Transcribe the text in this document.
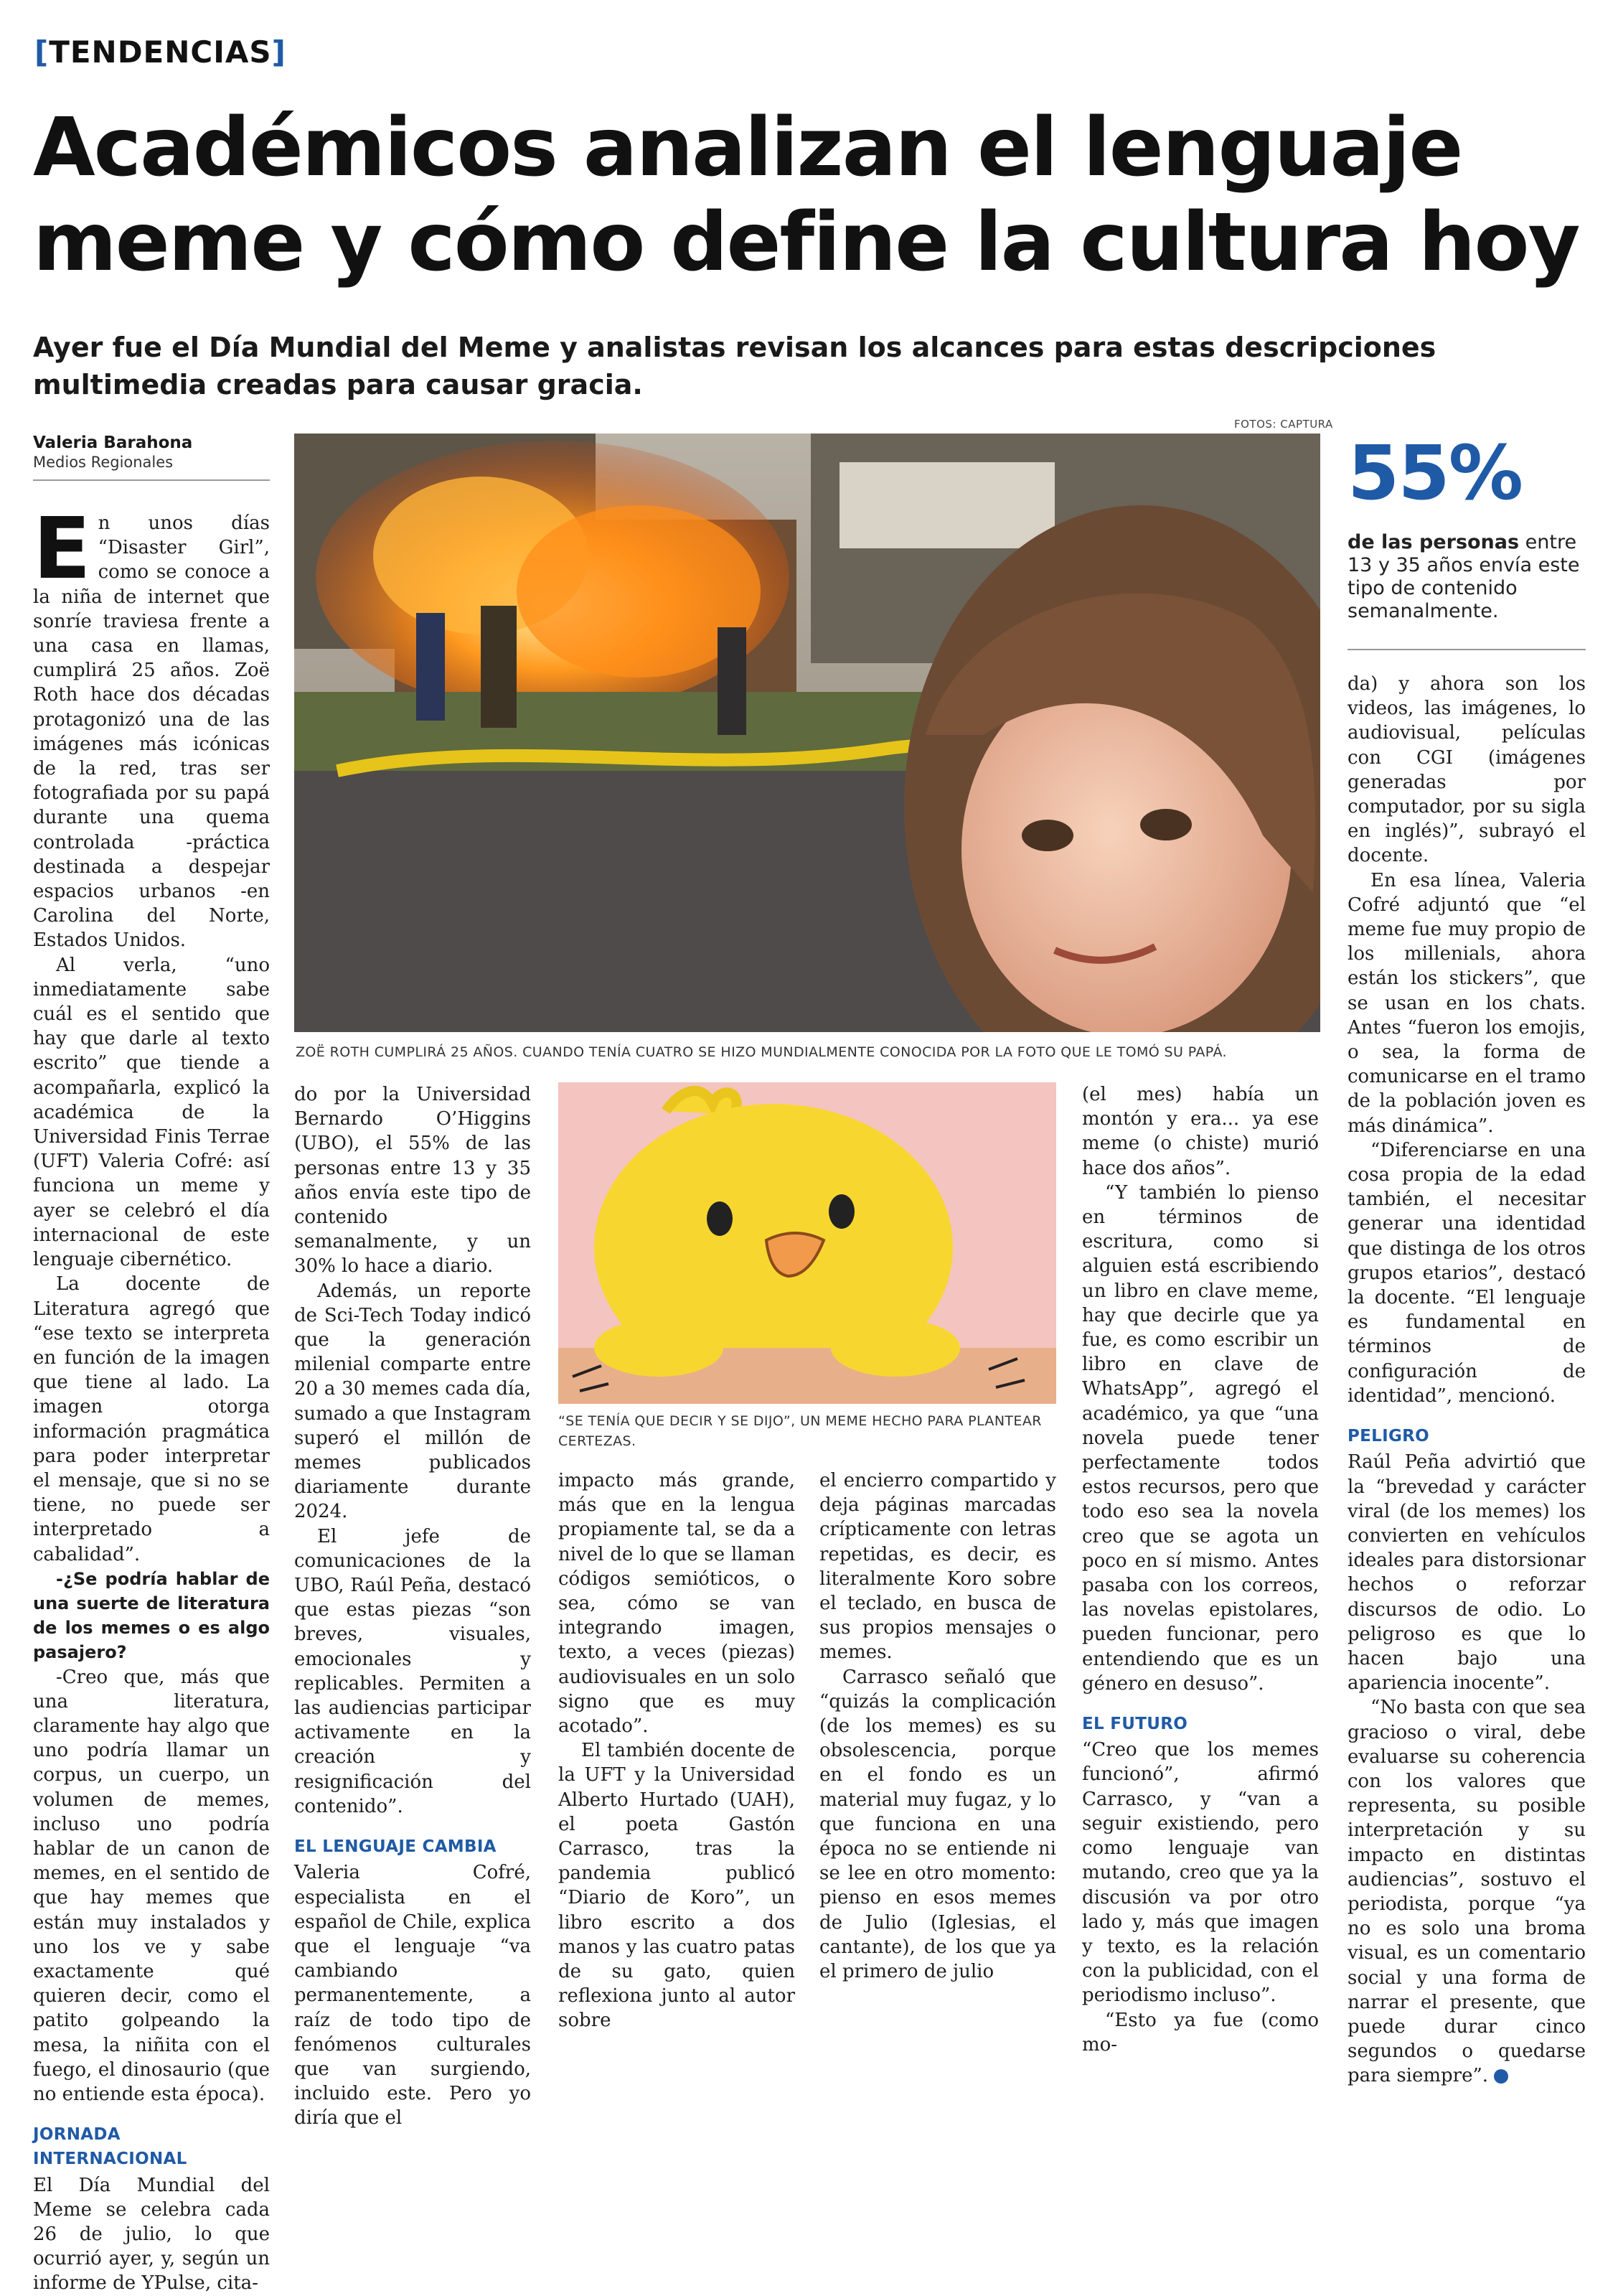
[TENDENCIAS]
Académicos analizan el lenguaje
meme y cómo define la cultura hoy
Ayer fue el Día Mundial del Meme y analistas revisan los alcances para estas descripciones multimedia creadas para causar gracia.
FOTOS: CAPTURA
Valeria Barahona
Medios Regionales
ZOË ROTH CUMPLIRÁ 25 AÑOS. CUANDO TENÍA CUATRO SE HIZO MUNDIALMENTE CONOCIDA POR LA FOTO QUE LE TOMÓ SU PAPÁ.
55%
de las personas entre 13 y 35 años envía este tipo de contenido semanalmente.
“SE TENÍA QUE DECIR Y SE DIJO”, UN MEME HECHO PARA PLANTEAR CERTEZAS.

En unos días “Disaster Girl”, como se conoce a la niña de internet que sonríe traviesa frente a una casa en llamas, cumplirá 25 años. Zoë Roth hace dos décadas protagonizó una de las imágenes más icónicas de la red, tras ser fotografiada por su papá durante una quema controlada -práctica destinada a despejar espacios urbanos -en Carolina del Norte, Estados Unidos.

Al verla, “uno inmediatamente sabe cuál es el sentido que hay que darle al texto escrito” que tiende a acompañarla, explicó la académica de la Universidad Finis Terrae (UFT) Valeria Cofré: así funciona un meme y ayer se celebró el día internacional de este lenguaje cibernético.

La docente de Literatura agregó que “ese texto se interpreta en función de la imagen que tiene al lado. La imagen otorga información pragmática para poder interpretar el mensaje, que si no se tiene, no puede ser interpretado a cabalidad”.

-¿Se podría hablar de una suerte de literatura de los memes o es algo pasajero?

-Creo que, más que una literatura, claramente hay algo que uno podría llamar un corpus, un cuerpo, un volumen de memes, incluso uno podría hablar de un canon de memes, en el sentido de que hay memes que están muy instalados y uno los ve y sabe exactamente qué quieren decir, como el patito golpeando la mesa, la niñita con el fuego, el dinosaurio (que no entiende esta época).

JORNADA INTERNACIONAL

El Día Mundial del Meme se celebra cada 26 de julio, lo que ocurrió ayer, y, según un informe de YPulse, cita-

do por la Universidad Bernardo O’Higgins (UBO), el 55% de las personas entre 13 y 35 años envía este tipo de contenido semanalmente, y un 30% lo hace a diario.

Además, un reporte de Sci-Tech Today indicó que la generación milenial comparte entre 20 a 30 memes cada día, sumado a que Instagram superó el millón de memes publicados diariamente durante 2024.

El jefe de comunicaciones de la UBO, Raúl Peña, destacó que estas piezas “son breves, visuales, emocionales y replicables. Permiten a las audiencias participar activamente en la creación y resignificación del contenido”.

EL LENGUAJE CAMBIA

Valeria Cofré, especialista en el español de Chile, explica que el lenguaje “va cambiando permanentemente, a raíz de todo tipo de fenómenos culturales que van surgiendo, incluido este. Pero yo diría que el

impacto más grande, más que en la lengua propiamente tal, se da a nivel de lo que se llaman códigos semióticos, o sea, cómo se van integrando imagen, texto, a veces (piezas) audiovisuales en un solo signo que es muy acotado”.

El también docente de la UFT y la Universidad Alberto Hurtado (UAH), el poeta Gastón Carrasco, tras la pandemia publicó “Diario de Koro”, un libro escrito a dos manos y las cuatro patas de su gato, quien reflexiona junto al autor sobre

el encierro compartido y deja páginas marcadas crípticamente con letras repetidas, es decir, es literalmente Koro sobre el teclado, en busca de sus propios mensajes o memes.

Carrasco señaló que “quizás la complicación (de los memes) es su obsolescencia, porque en el fondo es un material muy fugaz, y lo que funciona en una época no se entiende ni se lee en otro momento: pienso en esos memes de Julio (Iglesias, el cantante), de los que ya el primero de julio

(el mes) había un montón y era... ya ese meme (o chiste) murió hace dos años”.

“Y también lo pienso en términos de escritura, como si alguien está escribiendo un libro en clave meme, hay que decirle que ya fue, es como escribir un libro en clave de WhatsApp”, agregó el académico, ya que “una novela puede tener perfectamente todos estos recursos, pero que todo eso sea la novela creo que se agota un poco en sí mismo. Antes pasaba con los correos, las novelas epistolares, pueden funcionar, pero entendiendo que es un género en desuso”.

EL FUTURO

“Creo que los memes funcionó”, afirmó Carrasco, y “van a seguir existiendo, pero como lenguaje van mutando, creo que ya la discusión va por otro lado y, más que imagen y texto, es la relación con la publicidad, con el periodismo incluso”.

“Esto ya fue (como mo-

da) y ahora son los videos, las imágenes, lo audiovisual, películas con CGI (imágenes generadas por computador, por su sigla en inglés)”, subrayó el docente.

En esa línea, Valeria Cofré adjuntó que “el meme fue muy propio de los millenials, ahora están los stickers”, que se usan en los chats. Antes “fueron los emojis, o sea, la forma de comunicarse en el tramo de la población joven es más dinámica”.

“Diferenciarse en una cosa propia de la edad también, el necesitar generar una identidad que distinga de los otros grupos etarios”, destacó la docente. “El lenguaje es fundamental en términos de configuración de identidad”, mencionó.

PELIGRO

Raúl Peña advirtió que la “brevedad y carácter viral (de los memes) los convierten en vehículos ideales para distorsionar hechos o reforzar discursos de odio. Lo peligroso es que lo hacen bajo una apariencia inocente”.

“No basta con que sea gracioso o viral, debe evaluarse su coherencia con los valores que representa, su posible interpretación y su impacto en distintas audiencias”, sostuvo el periodista, porque “ya no es solo una broma visual, es un comentario social y una forma de narrar el presente, que puede durar cinco segundos o quedarse para siempre”.	✦
